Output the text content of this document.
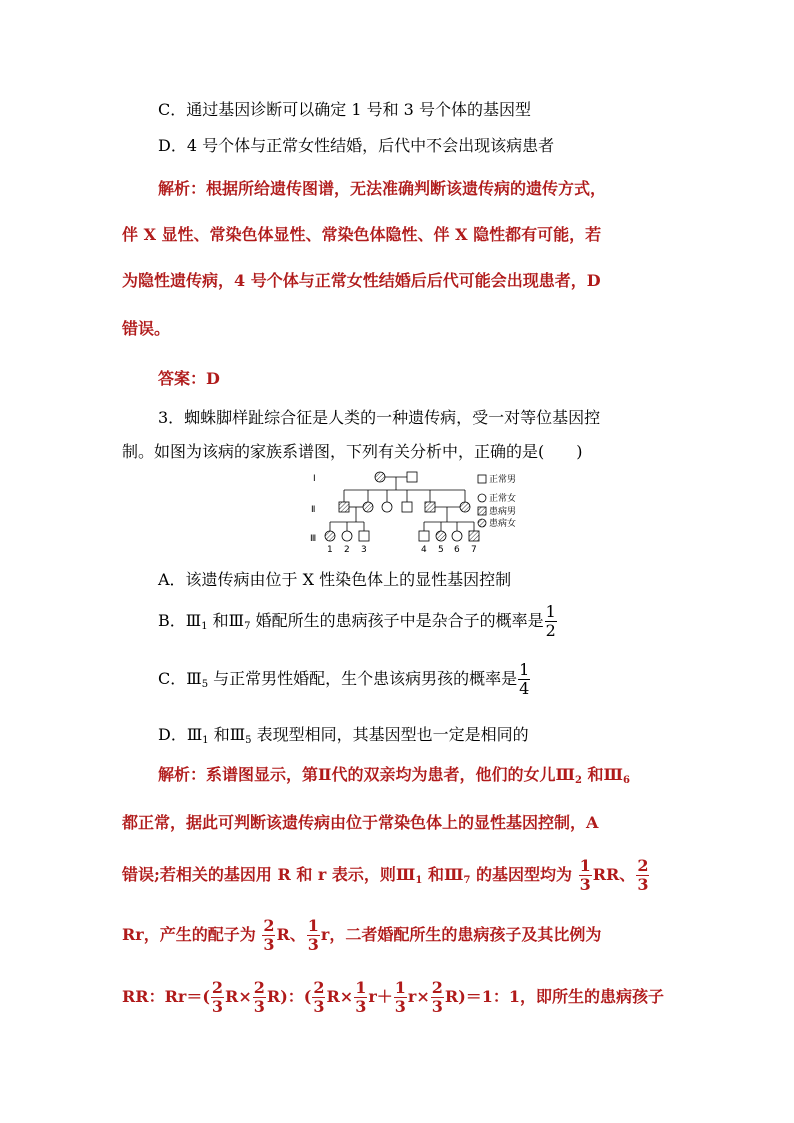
C．通过基因诊断可以确定 1 号和 3 号个体的基因型
D．4 号个体与正常女性结婚，后代中不会出现该病患者
解析：根据所给遗传图谱，无法准确判断该遗传病的遗传方式，
伴 X 显性、常染色体显性、常染色体隐性、伴 X 隐性都有可能，若
为隐性遗传病，4 号个体与正常女性结婚后后代可能会出现患者，D
错误。
答案：D
3．蜘蛛脚样趾综合征是人类的一种遗传病，受一对等位基因控
制。如图为该病的家族系谱图，下列有关分析中，正确的是(　　)
Ⅰ
Ⅱ
Ⅲ
正常男
正常女
患病男
患病女
1 2 3	4 5 6 7
A．该遗传病由位于 X 性染色体上的显性基因控制
B．$Ⅲ_1$ 和$Ⅲ_7$ 婚配所生的患病孩子中是杂合子的概率是 $\frac{1}{2}$
C．$Ⅲ_5$ 与正常男性婚配，生个患该病男孩的概率是 $\frac{1}{4}$
D．$Ⅲ_1$ 和$Ⅲ_5$ 表现型相同，其基因型也一定是相同的
解析：系谱图显示，第Ⅱ代的双亲均为患者，他们的女儿$Ⅲ_2$ 和$Ⅲ_6$
都正常，据此可判断该遗传病由位于常染色体上的显性基因控制，A
错误;若相关的基因用 R 和 r 表示，则$Ⅲ_1$ 和$Ⅲ_7$ 的基因型均为 $\frac{1}{3}$ RR、 $\frac{2}{3}$
Rr，产生的配子为 $\frac{2}{3}$ R、 $\frac{1}{3}$ r，二者婚配所生的患病孩子及其比例为
RR：$Rr=( \frac{2}{3} R\times \frac{2}{3} R)$：( $\frac{2}{3} R\times \frac{1}{3} r+ \frac{1}{3} r\times \frac{2}{3} R)=1$：1，即所生的患病孩子
